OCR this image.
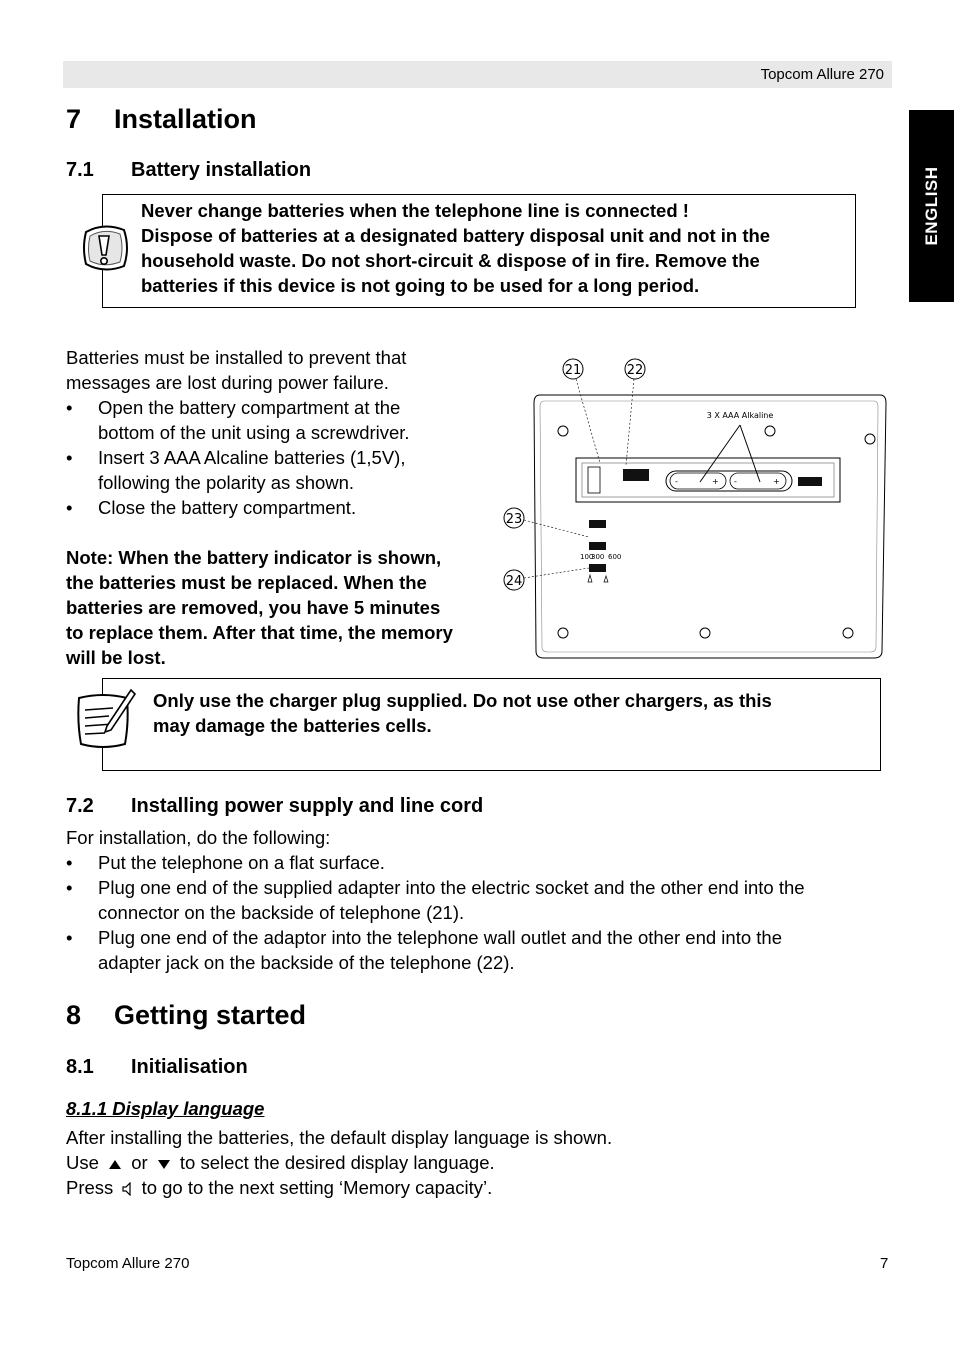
Topcom Allure 270
ENGLISH
7 Installation
7.1 Battery installation

Never change batteries when the telephone line is connected !

Dispose of batteries at a designated battery disposal unit and not in the

household waste. Do not short-circuit & dispose of in fire. Remove the

batteries if this device is not going to be used for a long period.

Batteries must be installed to prevent that

messages are lost during power failure.

• Open the battery compartment at the
bottom of the unit using a screwdriver.
• Insert 3 AAA Alcaline batteries (1,5V),
following the polarity as shown.
• Close the battery compartment.

Note: When the battery indicator is shown,

the batteries must be replaced. When the

batteries are removed, you have 5 minutes

to replace them. After that time, the memory

will be lost.

-	+ -	+
3 X AAA Alkaline
100
300 600
21	22
23
24

Only use the charger plug supplied. Do not use other chargers, as this

may damage the batteries cells.

7.2 Installing power supply and line cord

For installation, do the following:

• Put the telephone on a flat surface.
• Plug one end of the supplied adapter into the electric socket and the other end into the
connector on the backside of telephone (21).
• Plug one end of the adaptor into the telephone wall outlet and the other end into the
adapter jack on the backside of the telephone (22).
8 Getting started
8.1 Initialisation
8.1.1 Display language

After installing the batteries, the default display language is shown.

Use or to select the desired display language.

Press to go to the next setting ‘Memory capacity’.

Topcom Allure 270	7
